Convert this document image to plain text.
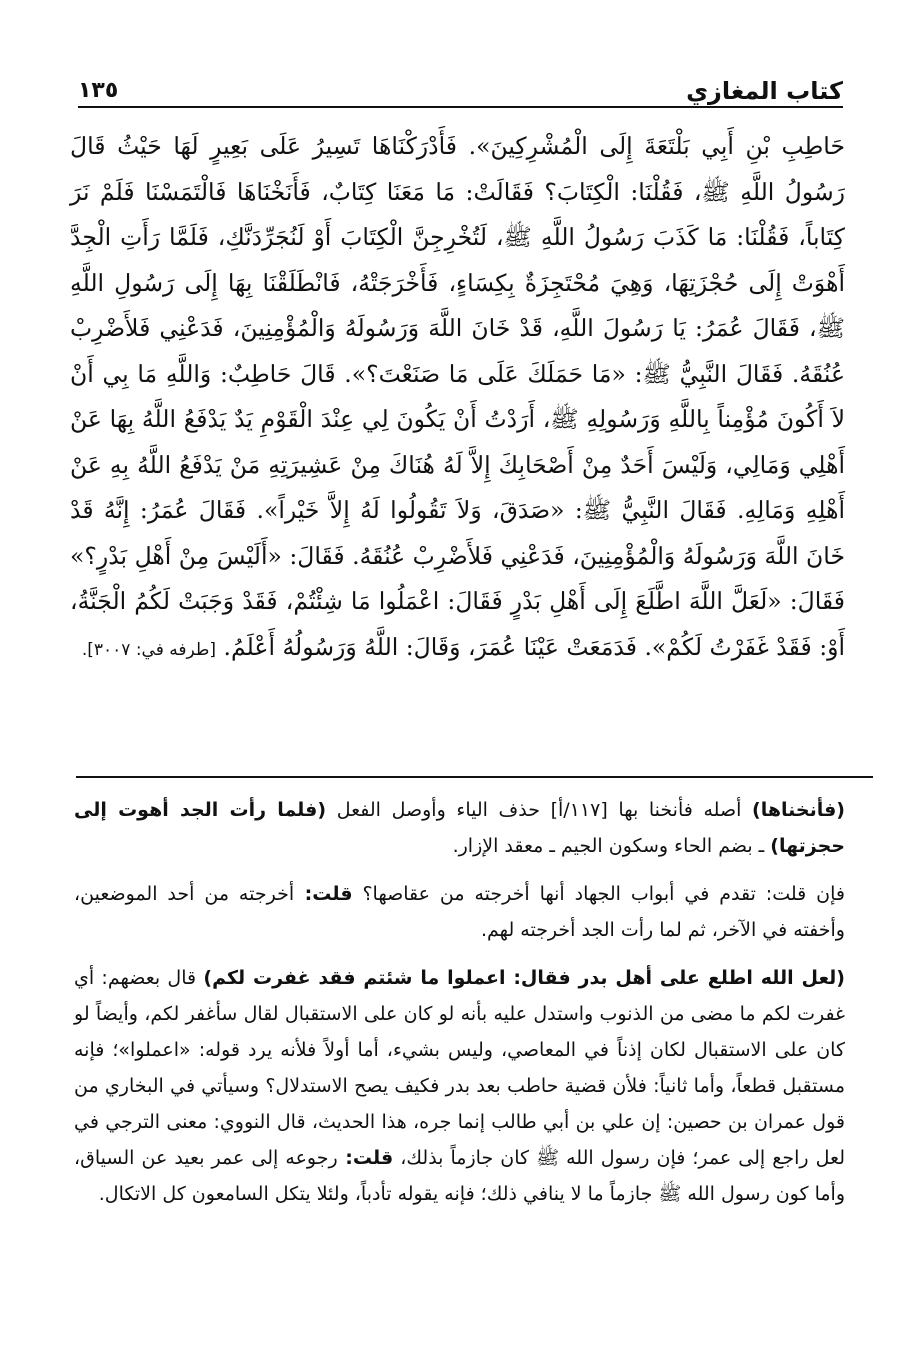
كتاب المغازي
١٣٥

حَاطِبِ بْنِ أَبِي بَلْتَعَةَ إِلَى الْمُشْرِكِينَ». فَأَدْرَكْنَاهَا تَسِيرُ عَلَى بَعِيرٍ لَهَا حَيْثُ قَالَ رَسُولُ اللَّهِ ﷺ، فَقُلْنَا: الْكِتَابَ؟ فَقَالَتْ: مَا مَعَنَا كِتَابٌ، فَأَنَخْنَاهَا فَالْتَمَسْنَا فَلَمْ نَرَ كِتَاباً، فَقُلْنَا: مَا كَذَبَ رَسُولُ اللَّهِ ﷺ، لَتُخْرِجِنَّ الْكِتَابَ أَوْ لَنُجَرِّدَنَّكِ، فَلَمَّا رَأَتِ الْجِدَّ أَهْوَتْ إِلَى حُجْزَتِهَا، وَهِيَ مُحْتَجِزَةٌ بِكِسَاءٍ، فَأَخْرَجَتْهُ، فَانْطَلَقْنَا بِهَا إِلَى رَسُولِ اللَّهِ ﷺ، فَقَالَ عُمَرُ: يَا رَسُولَ اللَّهِ، قَدْ خَانَ اللَّهَ وَرَسُولَهُ وَالْمُؤْمِنِينَ، فَدَعْنِي فَلأَضْرِبْ عُنُقَهُ. فَقَالَ النَّبِيُّ ﷺ: «مَا حَمَلَكَ عَلَى مَا صَنَعْتَ؟». قَالَ حَاطِبٌ: وَاللَّهِ مَا بِي أَنْ لاَ أَكُونَ مُؤْمِناً بِاللَّهِ وَرَسُولِهِ ﷺ، أَرَدْتُ أَنْ يَكُونَ لِي عِنْدَ الْقَوْمِ يَدٌ يَدْفَعُ اللَّهُ بِهَا عَنْ أَهْلِي وَمَالِي، وَلَيْسَ أَحَدٌ مِنْ أَصْحَابِكَ إِلاَّ لَهُ هُنَاكَ مِنْ عَشِيرَتِهِ مَنْ يَدْفَعُ اللَّهُ بِهِ عَنْ أَهْلِهِ وَمَالِهِ. فَقَالَ النَّبِيُّ ﷺ: «صَدَقَ، وَلاَ تَقُولُوا لَهُ إِلاَّ خَيْراً». فَقَالَ عُمَرُ: إِنَّهُ قَدْ خَانَ اللَّهَ وَرَسُولَهُ وَالْمُؤْمِنِينَ، فَدَعْنِي فَلأَضْرِبْ عُنُقَهُ. فَقَالَ: «أَلَيْسَ مِنْ أَهْلِ بَدْرٍ؟» فَقَالَ: «لَعَلَّ اللَّهَ اطَّلَعَ إِلَى أَهْلِ بَدْرٍ فَقَالَ: اعْمَلُوا مَا شِئْتُمْ، فَقَدْ وَجَبَتْ لَكُمُ الْجَنَّةُ، أَوْ: فَقَدْ غَفَرْتُ لَكُمْ». فَدَمَعَتْ عَيْنَا عُمَرَ، وَقَالَ: اللَّهُ وَرَسُولُهُ أَعْلَمُ. [طرفه في: ٣٠٠٧].

(فأنخناها) أصله فأنخنا بها [١١٧/أ] حذف الياء وأوصل الفعل (فلما رأت الجد أهوت إلى حجزتها) ـ بضم الحاء وسكون الجيم ـ معقد الإزار.

فإن قلت: تقدم في أبواب الجهاد أنها أخرجته من عقاصها؟ قلت: أخرجته من أحد الموضعين، وأخفته في الآخر، ثم لما رأت الجد أخرجته لهم.

(لعل الله اطلع على أهل بدر فقال: اعملوا ما شئتم فقد غفرت لكم) قال بعضهم: أي غفرت لكم ما مضى من الذنوب واستدل عليه بأنه لو كان على الاستقبال لقال سأغفر لكم، وأيضاً لو كان على الاستقبال لكان إذناً في المعاصي، وليس بشيء، أما أولاً فلأنه يرد قوله: «اعملوا»؛ فإنه مستقبل قطعاً، وأما ثانياً: فلأن قضية حاطب بعد بدر فكيف يصح الاستدلال؟ وسيأتي في البخاري من قول عمران بن حصين: إن علي بن أبي طالب إنما جره، هذا الحديث، قال النووي: معنى الترجي في لعل راجع إلى عمر؛ فإن رسول الله ﷺ كان جازماً بذلك، قلت: رجوعه إلى عمر بعيد عن السياق، وأما كون رسول الله ﷺ جازماً ما لا ينافي ذلك؛ فإنه يقوله تأدباً، ولئلا يتكل السامعون كل الاتكال.
